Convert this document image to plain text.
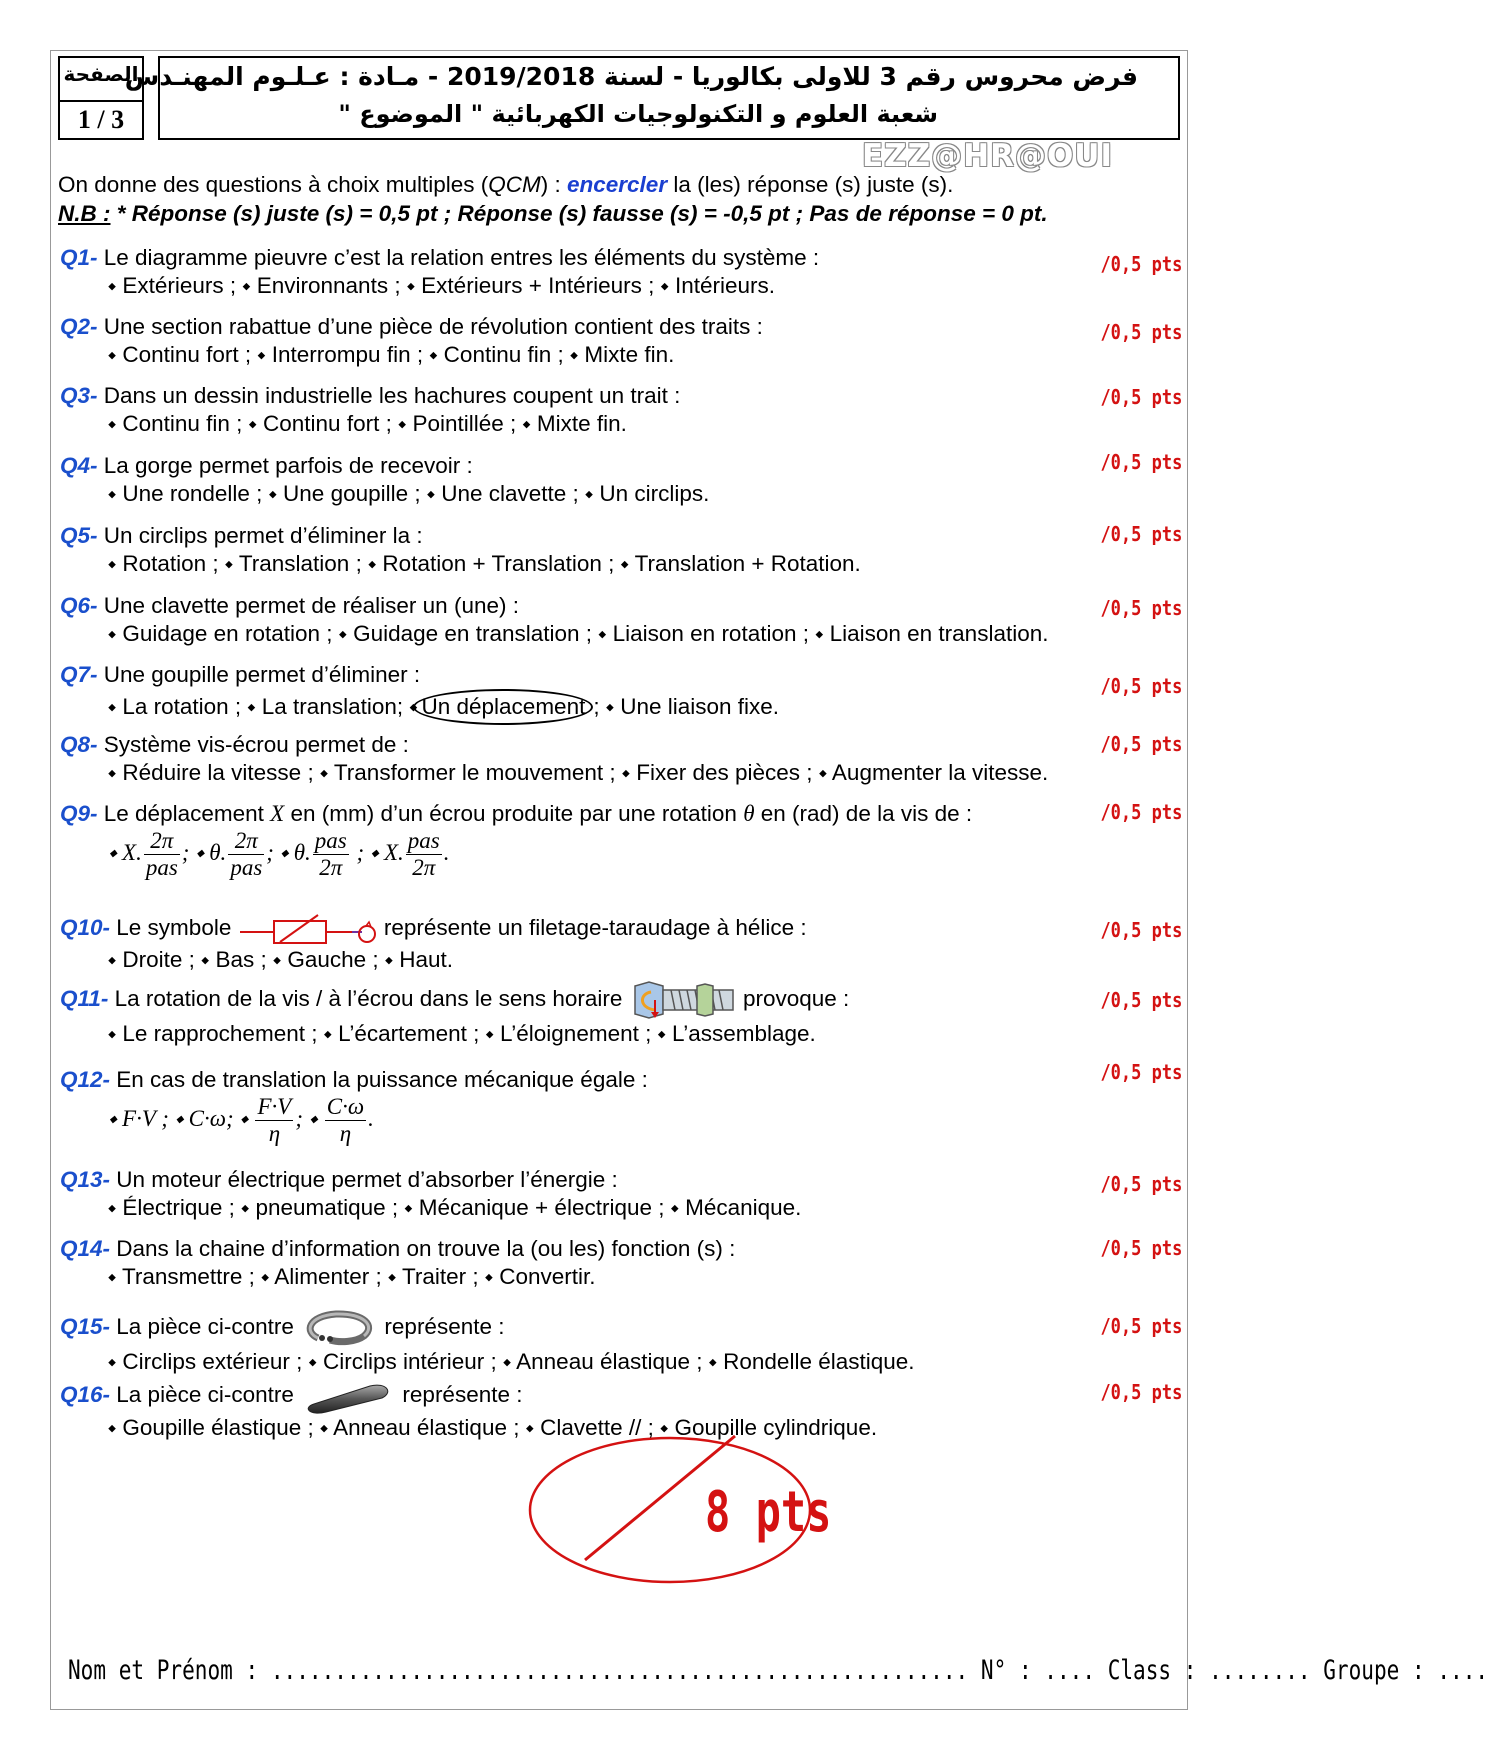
الصفحة
1 / 3
فرض محروس رقم 3 للاولى بكالوريا - لسنة 2019/2018 - مـادة : عـلـوم المهنـدس
شعبة العلوم و التكنولوجيات الكهربائية " الموضوع "
EZZ@HR@OUI
On donne des questions à choix multiples (QCM) : encercler la (les) réponse (s) juste (s).
N.B : * Réponse (s) juste (s) = 0,5 pt ; Réponse (s) fausse (s) = -0,5 pt ; Pas de réponse = 0 pt.
Q1- Le diagramme pieuvre c’est la relation entres les éléments du système :
⬩ Extérieurs ; ⬩ Environnants ; ⬩ Extérieurs + Intérieurs ; ⬩ Intérieurs.
/0,5 pts
Q2- Une section rabattue d’une pièce de révolution contient des traits :
⬩ Continu fort ; ⬩ Interrompu fin ; ⬩ Continu fin ; ⬩ Mixte fin.
/0,5 pts
Q3- Dans un dessin industrielle les hachures coupent un trait :
⬩ Continu fin ; ⬩ Continu fort ; ⬩ Pointillée ; ⬩ Mixte fin.
/0,5 pts
Q4- La gorge permet parfois de recevoir :
⬩ Une rondelle ; ⬩ Une goupille ; ⬩ Une clavette ; ⬩ Un circlips.
/0,5 pts
Q5- Un circlips permet d’éliminer la :
⬩ Rotation ; ⬩ Translation ; ⬩ Rotation + Translation ; ⬩ Translation + Rotation.
/0,5 pts
Q6- Une clavette permet de réaliser un (une) :
⬩ Guidage en rotation ; ⬩ Guidage en translation ; ⬩ Liaison en rotation ; ⬩ Liaison en translation.
/0,5 pts
Q7- Une goupille permet d’éliminer :
⬩ La rotation ; ⬩ La translation; ⬩ Un déplacement ; ⬩ Une liaison fixe.
/0,5 pts
Q8- Système vis-écrou permet de :
⬩ Réduire la vitesse ; ⬩ Transformer le mouvement ; ⬩ Fixer des pièces ; ⬩ Augmenter la vitesse.
/0,5 pts
Q9- Le déplacement X en (mm) d’un écrou produite par une rotation θ en (rad) de la vis de :
⬩ X. $\frac{2\pi}{\text{pas}}$ ; ⬩ θ. $\frac{2\pi}{\text{pas}}$ ; ⬩ θ. $\frac{\text{pas}}{2\pi}$ ; ⬩ X. $\frac{\text{pas}}{2\pi}$ .
/0,5 pts
Q10- Le symbole	représente un filetage-taraudage à hélice :
⬩ Droite ; ⬩ Bas ; ⬩ Gauche ; ⬩ Haut.
/0,5 pts
Q11- La rotation de la vis / à l’écrou dans le sens horaire	provoque :
⬩ Le rapprochement ; ⬩ L’écartement ; ⬩ L’éloignement ; ⬩ L’assemblage.
/0,5 pts
Q12- En cas de translation la puissance mécanique égale :
⬩ F·V ; ⬩ C·ω; ⬩ $\frac{F\cdot V}{\eta}$ ; ⬩ $\frac{C\cdot\omega}{\eta}$ .
/0,5 pts
Q13- Un moteur électrique permet d’absorber l’énergie :
⬩ Électrique ; ⬩ pneumatique ; ⬩ Mécanique + électrique ; ⬩ Mécanique.
/0,5 pts
Q14- Dans la chaine d’information on trouve la (ou les) fonction (s) :
⬩ Transmettre ; ⬩ Alimenter ; ⬩ Traiter ; ⬩ Convertir.
/0,5 pts
Q15- La pièce ci-contre	représente :
⬩ Circlips extérieur ; ⬩ Circlips intérieur ; ⬩ Anneau élastique ; ⬩ Rondelle élastique.
/0,5 pts
Q16- La pièce ci-contre	représente :
⬩ Goupille élastique ; ⬩ Anneau élastique ; ⬩ Clavette // ; ⬩ Goupille cylindrique.
/0,5 pts
8 pts
Nom et Prénom : ....................................................... N° : .... Class : ........ Groupe : ....
